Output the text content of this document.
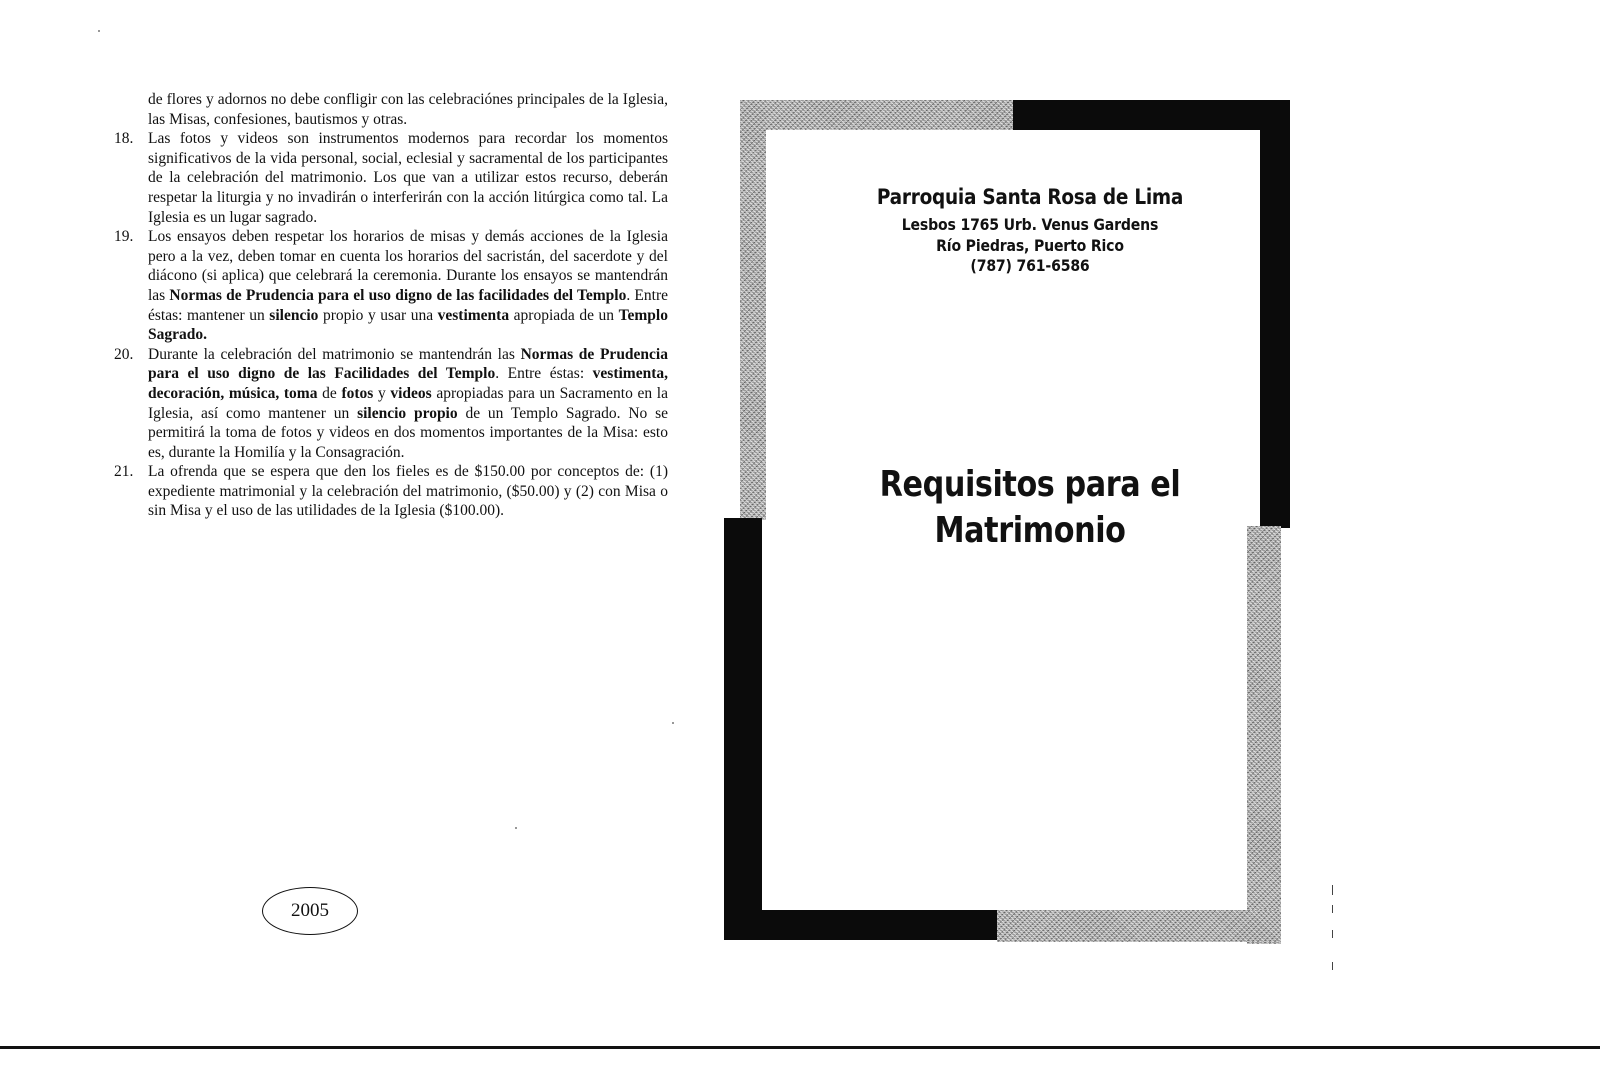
de flores y adornos no debe confligir con las celebraciónes principales de la Iglesia, las Misas, confesiones, bautismos y otras.

18. Las fotos y videos son instrumentos modernos para recordar los momentos significativos de la vida personal, social, eclesial y sacramental de los participantes de la celebración del matrimonio. Los que van a utilizar estos recurso, deberán respetar la liturgia y no invadirán o interferirán con la acción litúrgica como tal. La Iglesia es un lugar sagrado.
19. Los ensayos deben respetar los horarios de misas y demás acciones de la Iglesia pero a la vez, deben tomar en cuenta los horarios del sacristán, del sacerdote y del diácono (si aplica) que celebrará la ceremonia. Durante los ensayos se mantendrán las Normas de Prudencia para el uso digno de las facilidades del Templo. Entre éstas: mantener un silencio propio y usar una vestimenta apropiada de un Templo Sagrado.
20. Durante la celebración del matrimonio se mantendrán las Normas de Prudencia para el uso digno de las Facilidades del Templo. Entre éstas: vestimenta, decoración, música, toma de fotos y videos apropiadas para un Sacramento en la Iglesia, así como mantener un silencio propio de un Templo Sagrado. No se permitirá la toma de fotos y videos en dos momentos importantes de la Misa: esto es, durante la Homilía y la Consagración.
21. La ofrenda que se espera que den los fieles es de $150.00 por conceptos de: (1) expediente matrimonial y la celebración del matrimonio, ($50.00) y (2) con Misa o sin Misa y el uso de las utilidades de la Iglesia ($100.00).
2005
Parroquia Santa Rosa de Lima
Lesbos 1765 Urb. Venus Gardens
Río Piedras, Puerto Rico
(787) 761-6586
Requisitos para el
Matrimonio
